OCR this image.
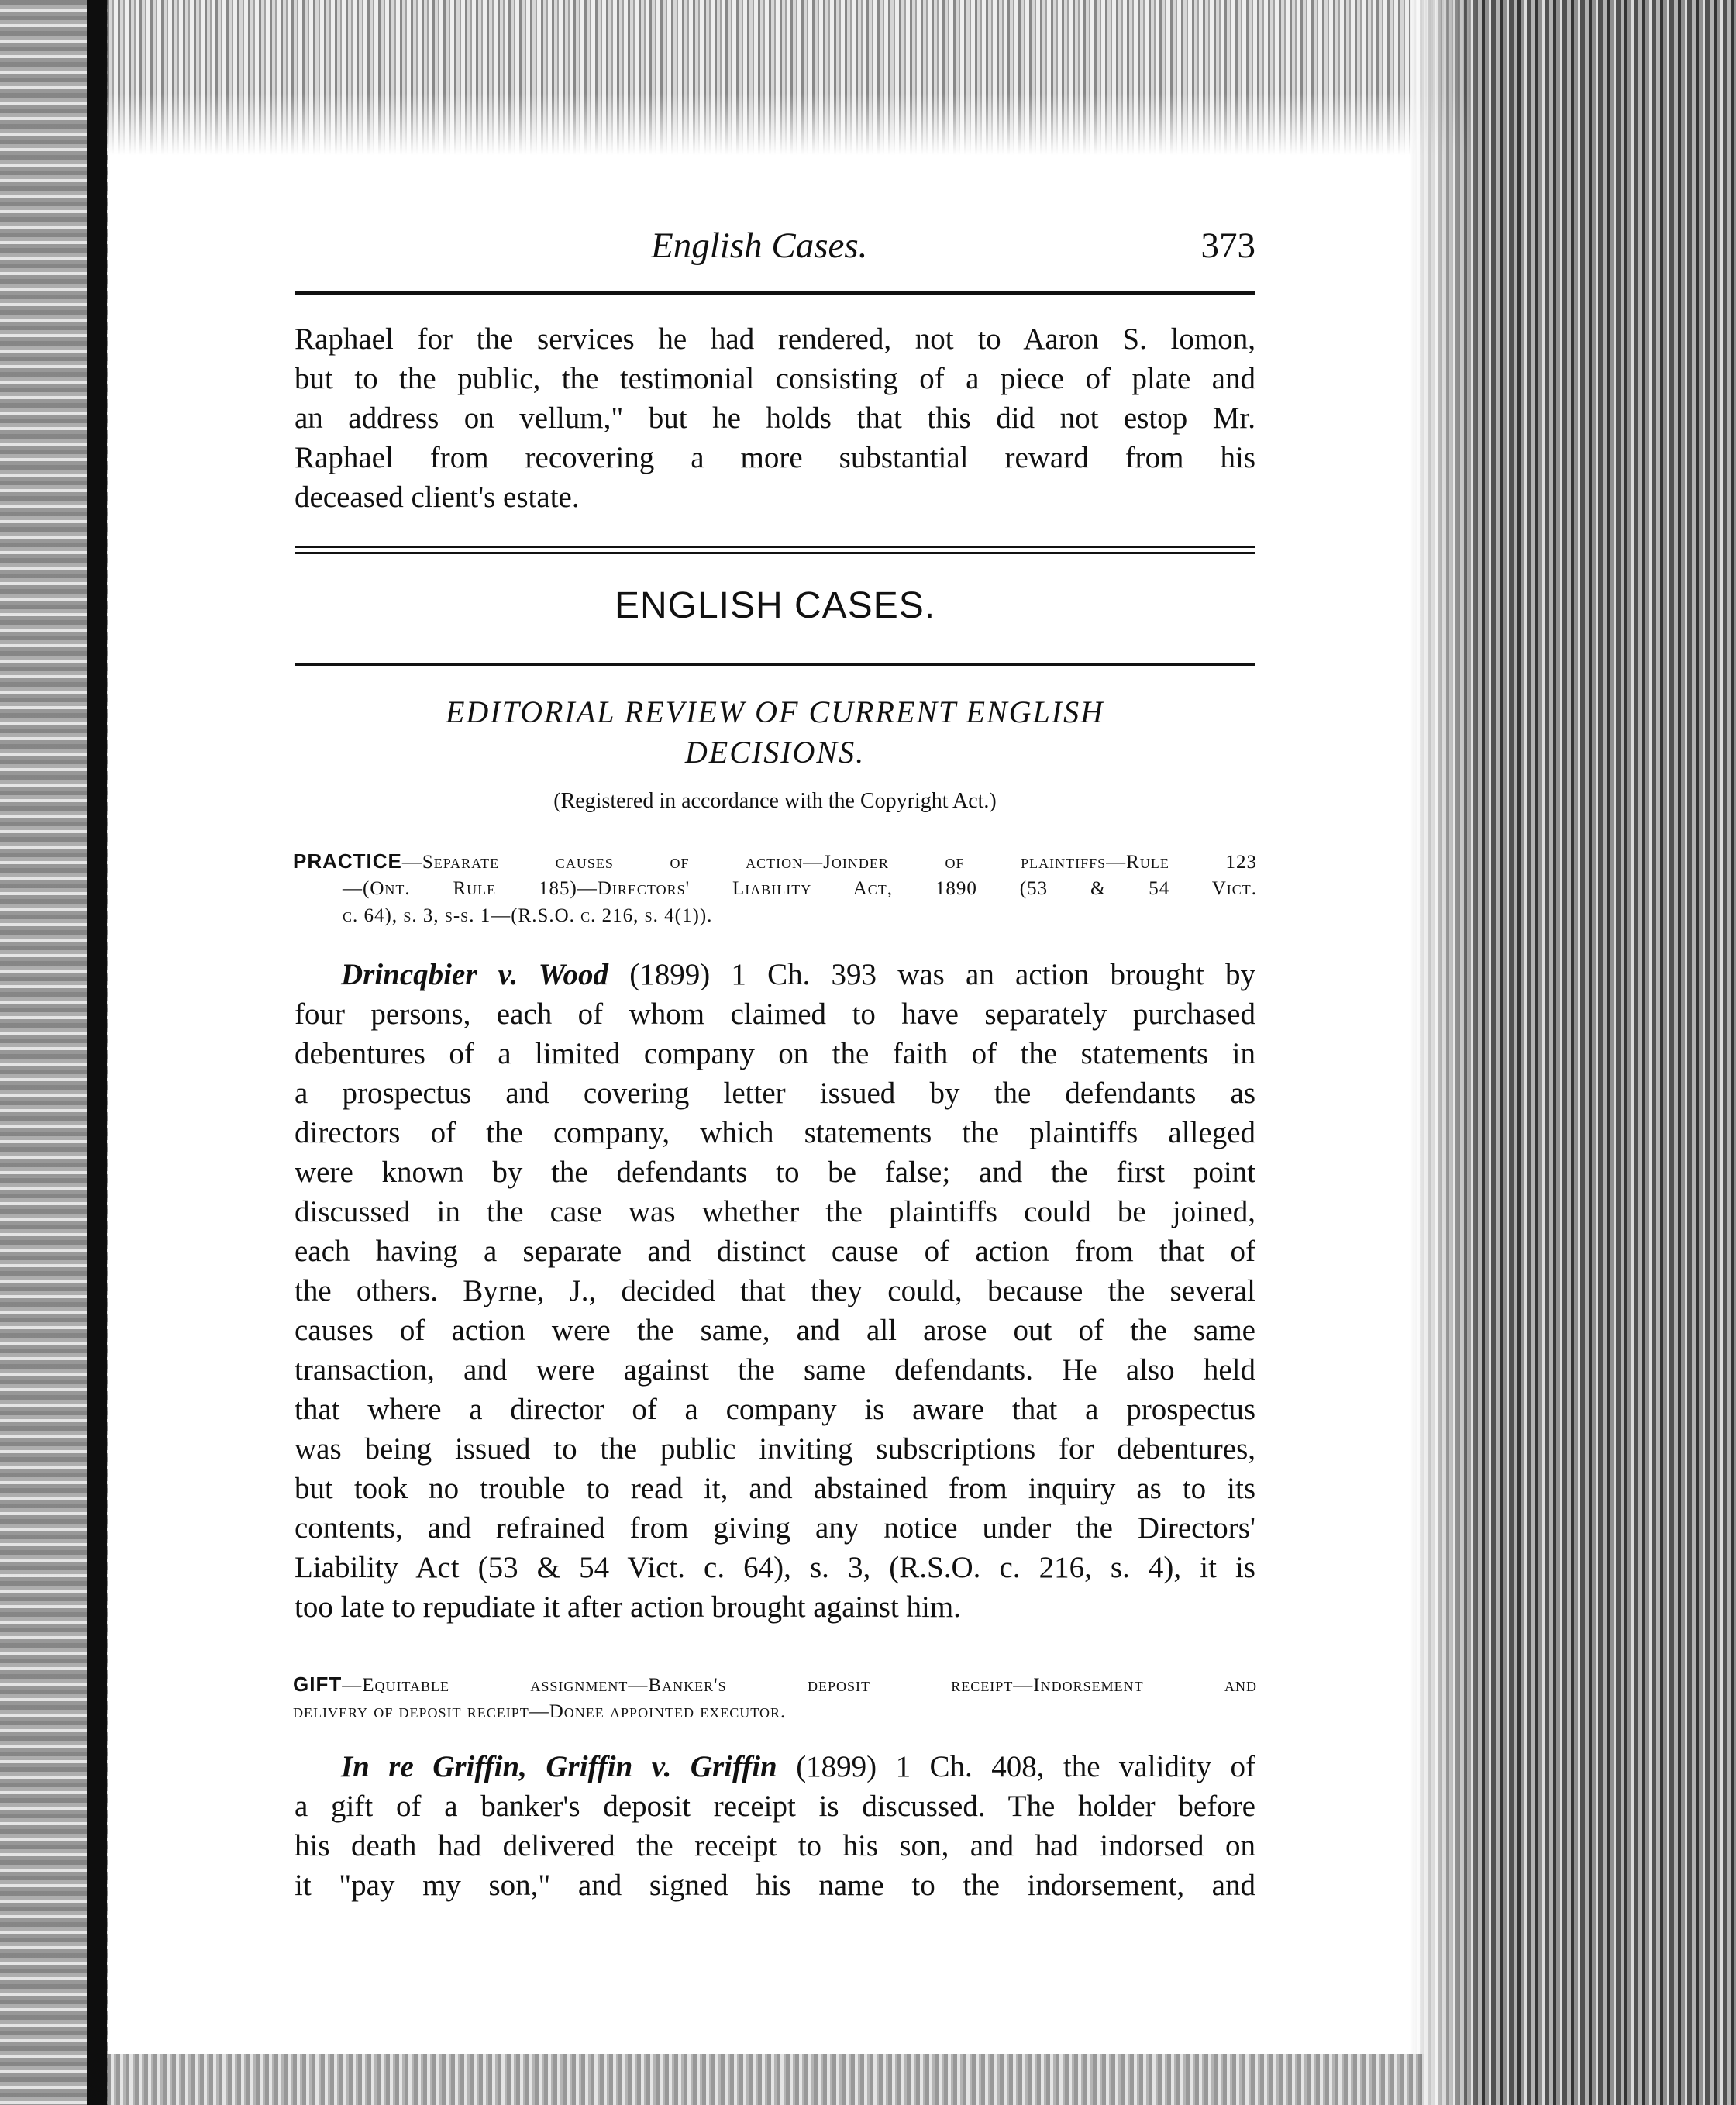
English Cases.	373

Raphael for the services he had rendered, not to Aaron S. lomon,

but to the public, the testimonial consisting of a piece of plate and

an address on vellum," but he holds that this did not estop Mr.

Raphael from recovering a more substantial reward from his

deceased client's estate.

ENGLISH CASES.

EDITORIAL REVIEW OF CURRENT ENGLISH
DECISIONS.

(Registered in accordance with the Copyright Act.)

PRACTICE—Separate causes of action—Joinder of plaintiffs—Rule 123

—(Ont. Rule 185)—Directors' Liability Act, 1890 (53 & 54 Vict.

c. 64), s. 3, s-s. 1—(R.S.O. c. 216, s. 4(1)).

Drincqbier v. Wood (1899) 1 Ch. 393 was an action brought by

four persons, each of whom claimed to have separately purchased

debentures of a limited company on the faith of the statements in

a prospectus and covering letter issued by the defendants as

directors of the company, which statements the plaintiffs alleged

were known by the defendants to be false; and the first point

discussed in the case was whether the plaintiffs could be joined,

each having a separate and distinct cause of action from that of

the others. Byrne, J., decided that they could, because the several

causes of action were the same, and all arose out of the same

transaction, and were against the same defendants. He also held

that where a director of a company is aware that a prospectus

was being issued to the public inviting subscriptions for debentures,

but took no trouble to read it, and abstained from inquiry as to its

contents, and refrained from giving any notice under the Directors'

Liability Act (53 & 54 Vict. c. 64), s. 3, (R.S.O. c. 216, s. 4), it is

too late to repudiate it after action brought against him.

GIFT—Equitable assignment—Banker's deposit receipt—Indorsement and

delivery of deposit receipt—Donee appointed executor.

In re Griffin, Griffin v. Griffin (1899) 1 Ch. 408, the validity of

a gift of a banker's deposit receipt is discussed. The holder before

his death had delivered the receipt to his son, and had indorsed on

it "pay my son," and signed his name to the indorsement, and
